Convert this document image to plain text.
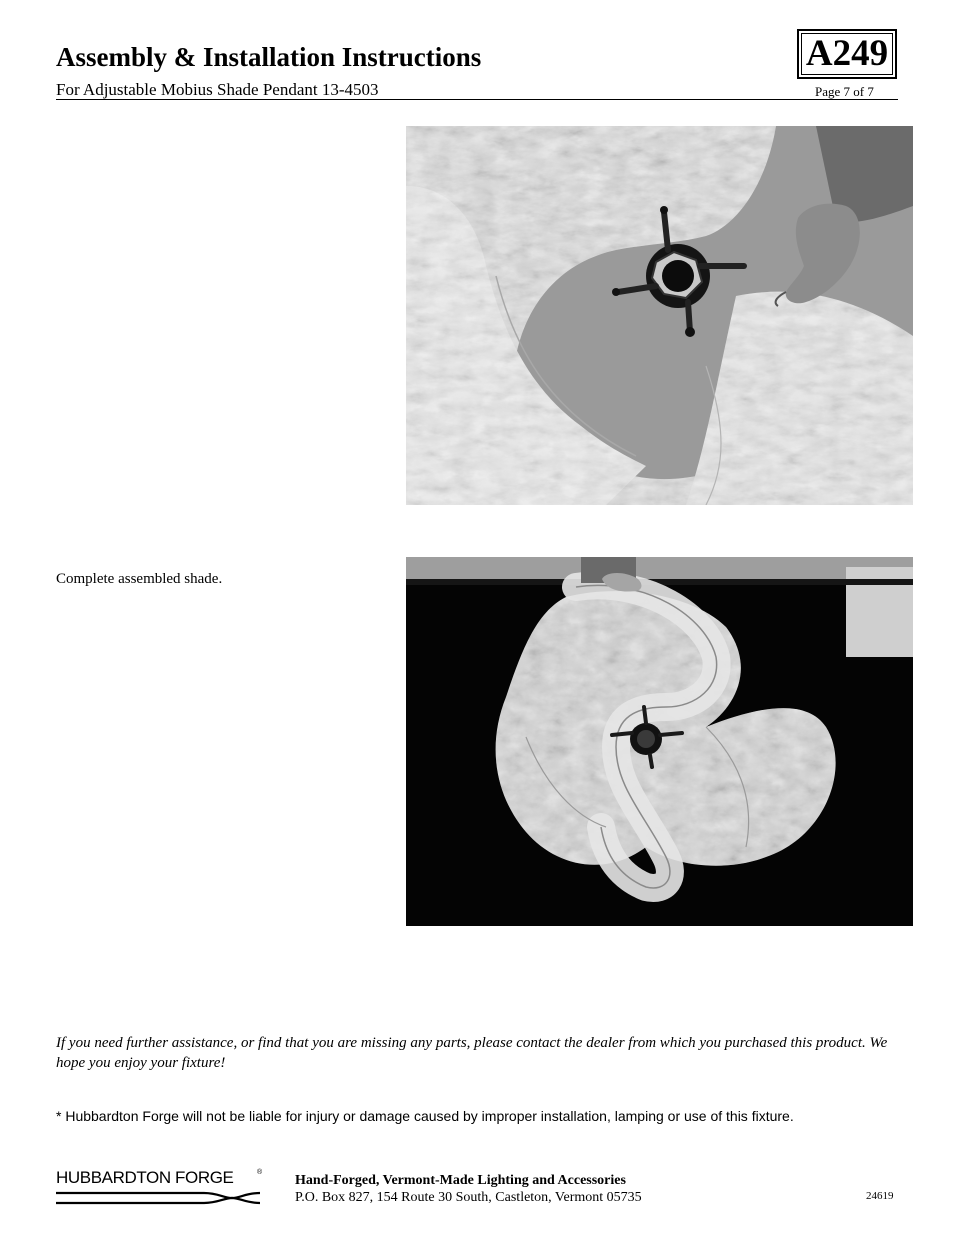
Assembly & Installation Instructions
For Adjustable Mobius Shade Pendant 13-4503
A249
Page 7 of 7
Complete assembled shade.
If you need further assistance, or find that you are missing any parts, please contact the dealer from which you purchased this product. We hope you enjoy your fixture!
* Hubbardton Forge will not be liable for injury or damage caused by improper installation, lamping or use of this fixture.
HUBBARDTON FORGE	®
Hand-Forged, Vermont-Made Lighting and Accessories
P.O. Box 827, 154 Route 30 South, Castleton, Vermont 05735	24619
